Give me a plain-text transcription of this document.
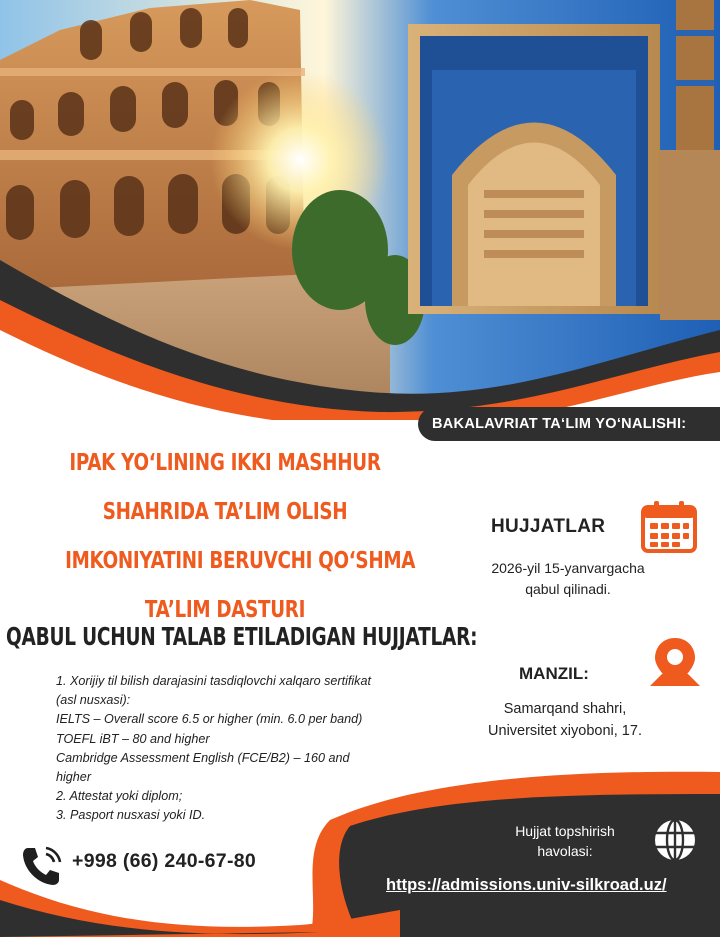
BAKALAVRIAT TA‘LIM YO‘NALISHI:
IPAK YO‘LINING IKKI MASHHUR
SHAHRIDA TA’LIM OLISH
IMKONIYATINI BERUVCHI QO‘SHMA
TA’LIM DASTURI
QABUL UCHUN TALAB ETILADIGAN HUJJATLAR:
1. Xorijiy til bilish darajasini tasdiqlovchi xalqaro sertifikat (asl nusxasi):
IELTS – Overall score 6.5 or higher (min. 6.0 per band)
TOEFL iBT – 80 and higher
Cambridge Assessment English (FCE/B2) – 160 and higher
2. Attestat yoki diplom;
3. Pasport nusxasi yoki ID.
HUJJATLAR
2026-yil 15-yanvargacha
qabul qilinadi.
MANZIL:
Samarqand shahri,
Universitet xiyoboni, 17.
+998 (66) 240-67-80
Hujjat topshirish
havolasi:
https://admissions.univ-silkroad.uz/
